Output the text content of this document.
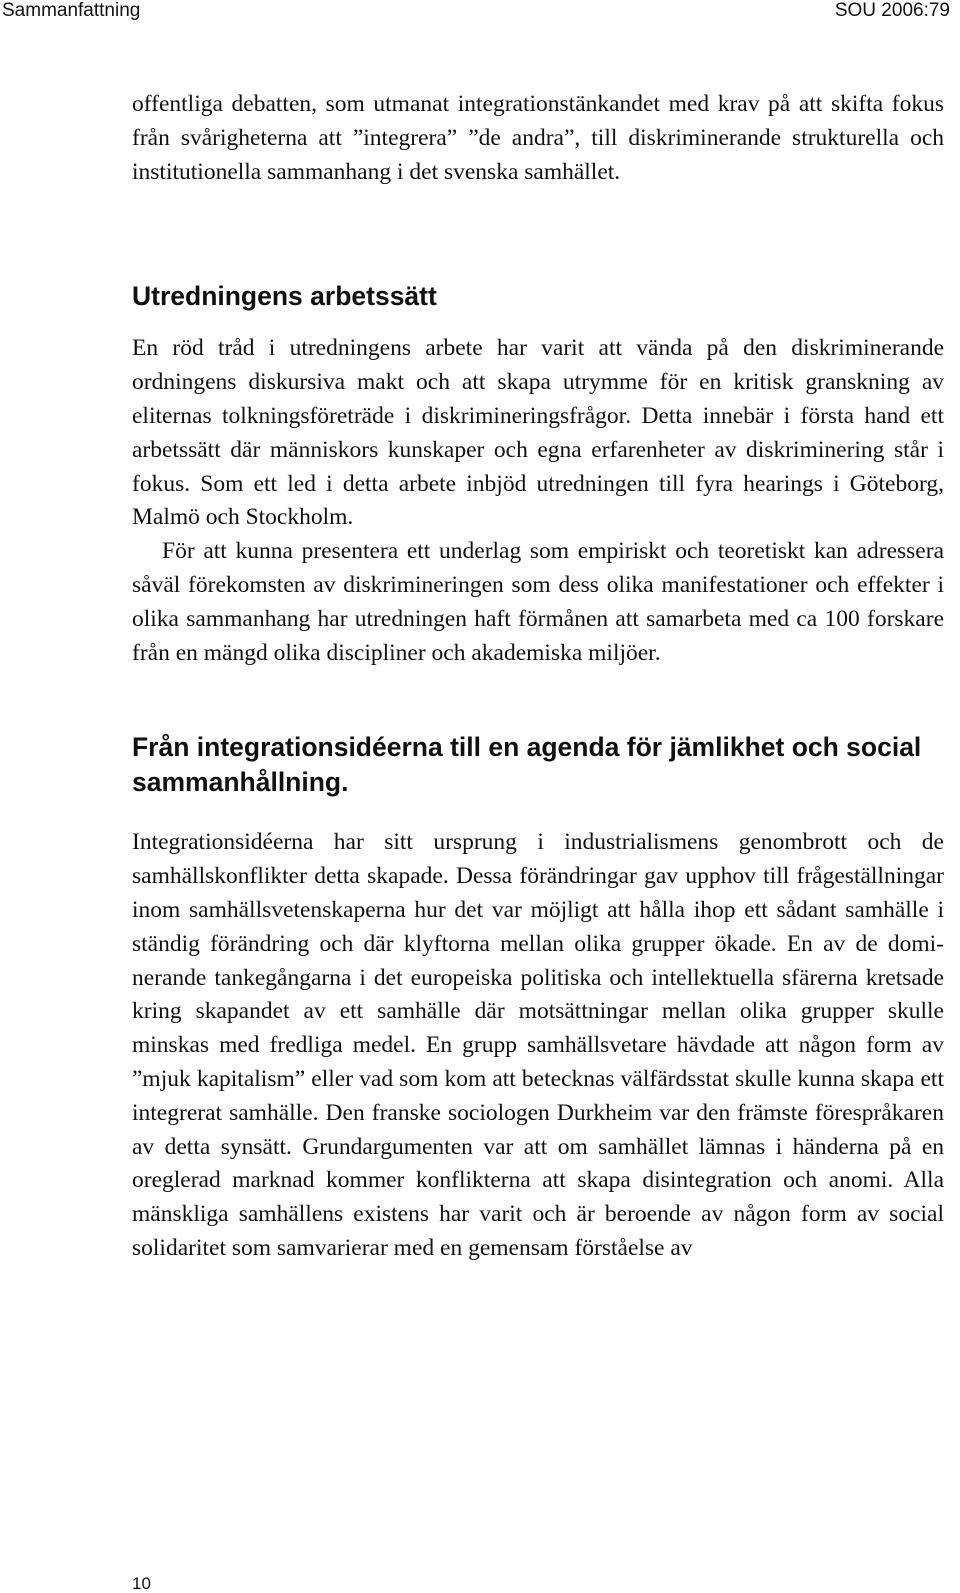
Sammanfattning	SOU 2006:79

offentliga debatten, som utmanat integrationstänkandet med krav på att skifta fokus från svårigheterna att ”integrera” ”de andra”, till diskriminerande strukturella och institutionella sammanhang i det svenska samhället.

Utredningens arbetssätt

En röd tråd i utredningens arbete har varit att vända på den diskriminerande ordningens diskursiva makt och att skapa utrymme för en kritisk granskning av eliternas tolkningsföreträde i diskrimineringsfrågor. Detta innebär i första hand ett arbetssätt där människors kunskaper och egna erfarenheter av diskriminering står i fokus. Som ett led i detta arbete inbjöd utredningen till fyra hearings i Göteborg, Malmö och Stockholm.

För att kunna presentera ett underlag som empiriskt och teoretiskt kan adressera såväl förekomsten av diskrimineringen som dess olika manifestationer och effekter i olika sammanhang har utredningen haft förmånen att samarbeta med ca 100 forskare från en mängd olika discipliner och akademiska miljöer.

Från integrationsidéerna till en agenda för jämlikhet och social sammanhållning.

Integrationsidéerna har sitt ursprung i industrialismens genombrott och de samhällskonflikter detta skapade. Dessa förändringar gav upphov till frågeställningar inom samhällsvetenskaperna hur det var möjligt att hålla ihop ett sådant samhälle i ständig förändring och där klyftorna mellan olika grupper ökade. En av de dominerande tankegångarna i det europeiska politiska och intellektuella sfärerna kretsade kring skapandet av ett samhälle där motsättningar mellan olika grupper skulle minskas med fredliga medel. En grupp samhällsvetare hävdade att någon form av ”mjuk kapitalism” eller vad som kom att betecknas välfärdsstat skulle kunna skapa ett integrerat samhälle. Den franske sociologen Durkheim var den främste förespråkaren av detta synsätt. Grundargumenten var att om samhället lämnas i händerna på en oreglerad marknad kommer konflikterna att skapa disintegration och anomi. Alla mänskliga samhällens existens har varit och är beroende av någon form av social solidaritet som samvarierar med en gemensam förståelse av

10
